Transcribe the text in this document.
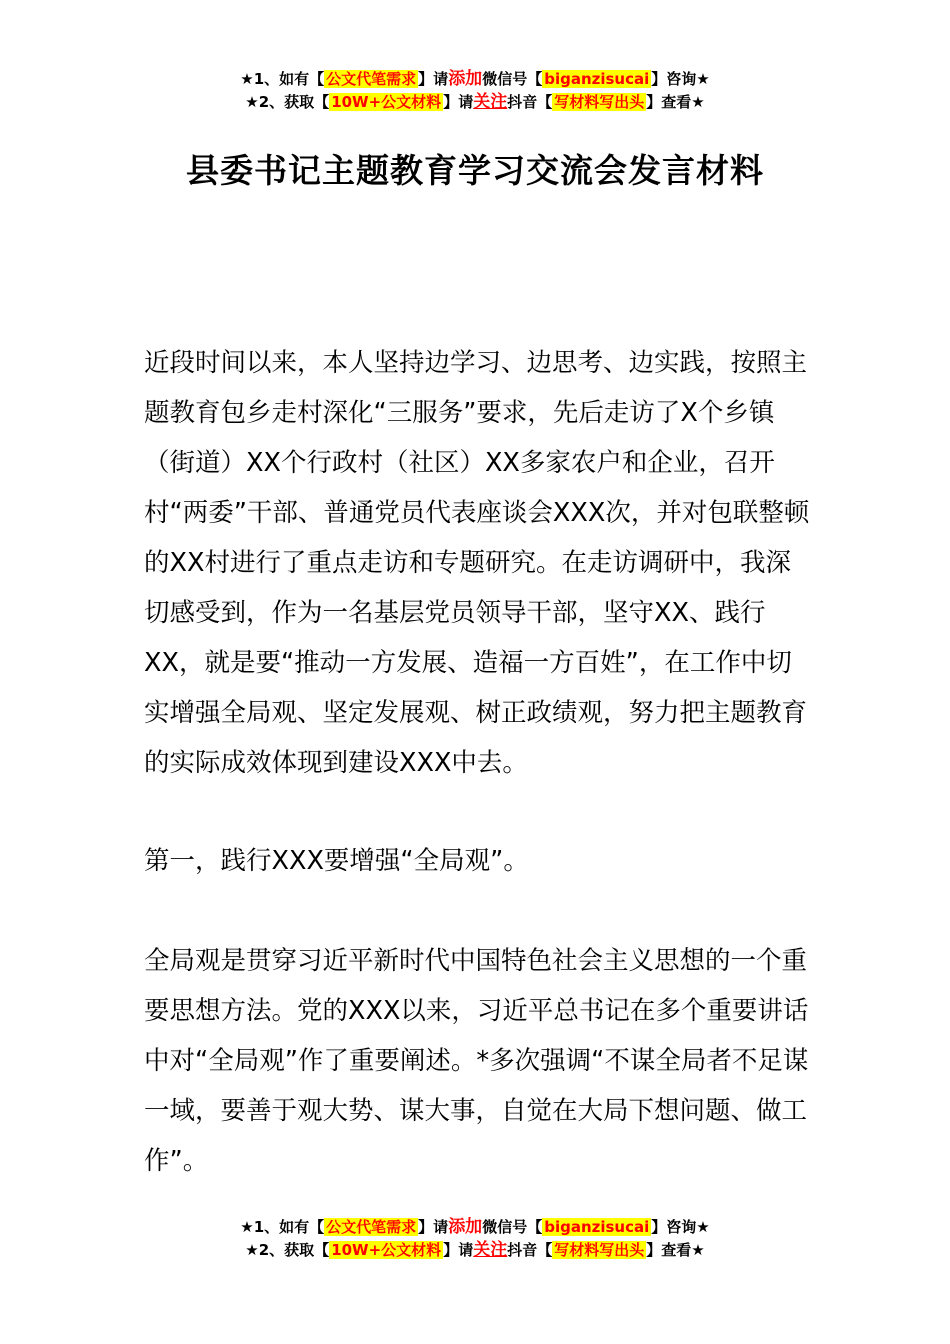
★1、如有【 公文代笔需求 】请添加微信号【 biganzisucai 】咨询★
★2、获取【 10W+公文材料 】请关注抖音【 写材料写出头 】查看★
县委书记主题教育学习交流会发言材料

近段时间以来，本人坚持边学习、边思考、边实践，按照主题教育包乡走村深化“三服务”要求，先后走访了X个乡镇（街道）XX个行政村（社区）XX多家农户和企业，召开村“两委”干部、普通党员代表座谈会XXX次，并对包联整顿的XX村进行了重点走访和专题研究。在走访调研中，我深切感受到，作为一名基层党员领导干部，坚守XX、践行XX，就是要“推动一方发展、造福一方百姓”，在工作中切实增强全局观、坚定发展观、树正政绩观，努力把主题教育的实际成效体现到建设XXX中去。

第一，践行XXX要增强“全局观”。

全局观是贯穿习近平新时代中国特色社会主义思想的一个重要思想方法。党的XXX以来，习近平总书记在多个重要讲话中对“全局观”作了重要阐述。*多次强调“不谋全局者不足谋一域，要善于观大势、谋大事，自觉在大局下想问题、做工作”。

★1、如有【 公文代笔需求 】请添加微信号【 biganzisucai 】咨询★
★2、获取【 10W+公文材料 】请关注抖音【 写材料写出头 】查看★
